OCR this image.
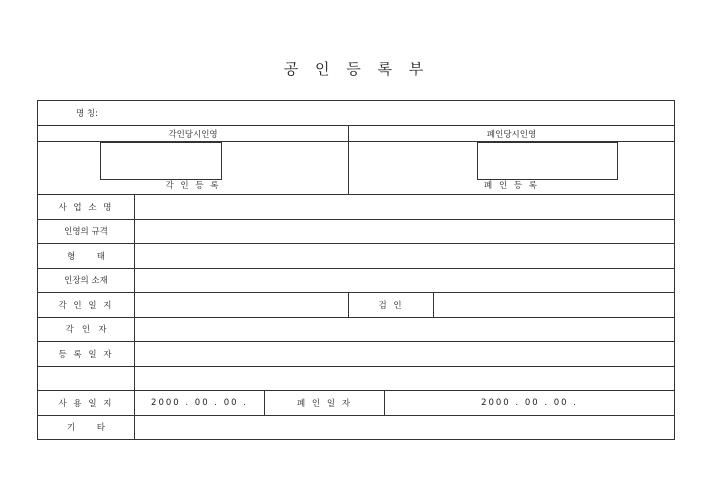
공 인 등 록 부
명 칭:					
각인당시인영			폐인당시인영		

각 인 등 록			폐 인 등 록		

사 업 소 명					
인영의 규격					
형        태					
인장의 소재					
각 인 일 지			검 인		
각   인   자					
등 록 일 자					

사 용 일 지	2000 . 00 . 00 .	폐 인 일 자		2000 . 00 . 00 .	
기        타					
